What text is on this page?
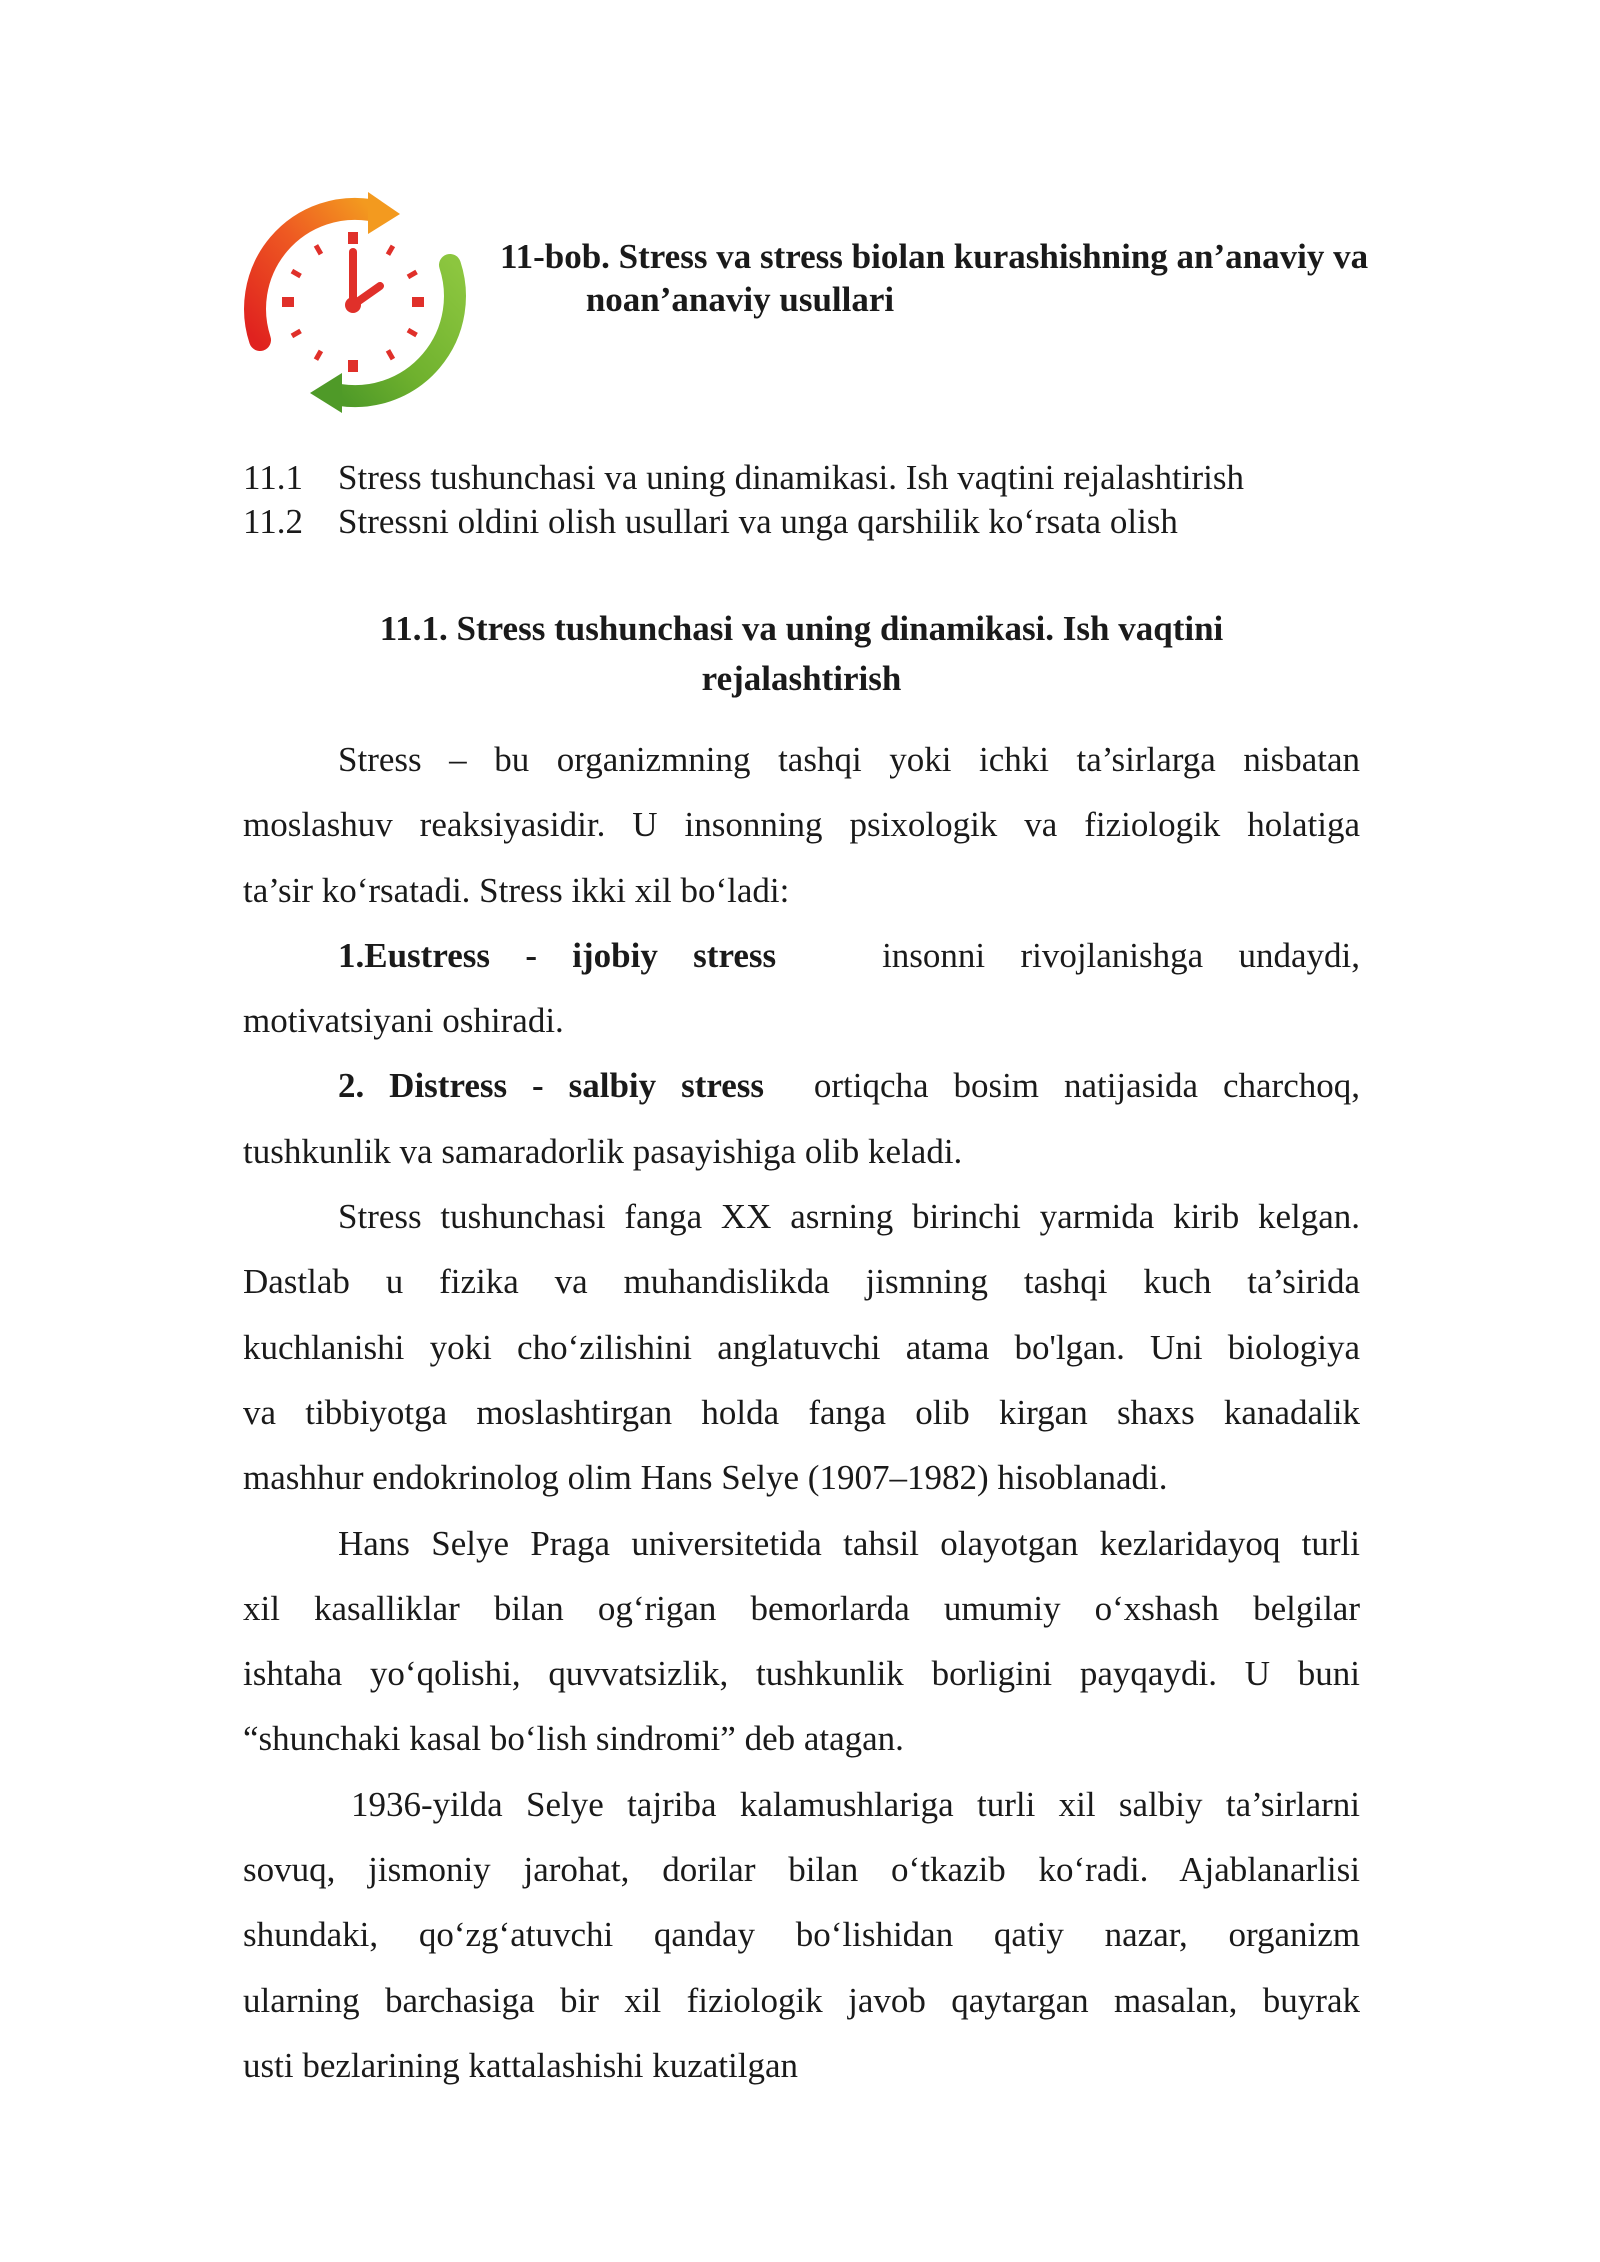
11-bob. Stress va stress biolan kurashishning an’anaviy va
noan’anaviy usullari
11.1	Stress tushunchasi va uning dinamikasi. Ish vaqtini rejalashtirish
11.2	Stressni oldini olish usullari va unga qarshilik ko‘rsata olish
11.1. Stress tushunchasi va uning dinamikasi. Ish vaqtini
rejalashtirish
Stress – bu organizmning tashqi yoki ichki ta’sirlarga nisbatan
moslashuv reaksiyasidir. U insonning psixologik va fiziologik holatiga
ta’sir ko‘rsatadi. Stress ikki xil bo‘ladi:
1.Eustress - ijobiy stress	insonni rivojlanishga undaydi,
motivatsiyani oshiradi.
2. Distress - salbiy stress ortiqcha bosim natijasida charchoq,
tushkunlik va samaradorlik pasayishiga olib keladi.
Stress tushunchasi fanga XX asrning birinchi yarmida kirib kelgan.
Dastlab u fizika va muhandislikda jismning tashqi kuch ta’sirida
kuchlanishi yoki cho‘zilishini anglatuvchi atama bo'lgan. Uni biologiya
va tibbiyotga moslashtirgan holda fanga olib kirgan shaxs kanadalik
mashhur endokrinolog olim Hans Selye (1907–1982) hisoblanadi.
Hans Selye Praga universitetida tahsil olayotgan kezlaridayoq turli
xil kasalliklar bilan og‘rigan bemorlarda umumiy o‘xshash belgilar
ishtaha yo‘qolishi, quvvatsizlik, tushkunlik borligini payqaydi. U buni
“shunchaki kasal bo‘lish sindromi” deb atagan.
1936-yilda Selye tajriba kalamushlariga turli xil salbiy ta’sirlarni
sovuq, jismoniy jarohat, dorilar bilan o‘tkazib ko‘radi. Ajablanarlisi
shundaki, qo‘zg‘atuvchi qanday bo‘lishidan qatiy nazar, organizm
ularning barchasiga bir xil fiziologik javob qaytargan masalan, buyrak
usti bezlarining kattalashishi kuzatilgan
